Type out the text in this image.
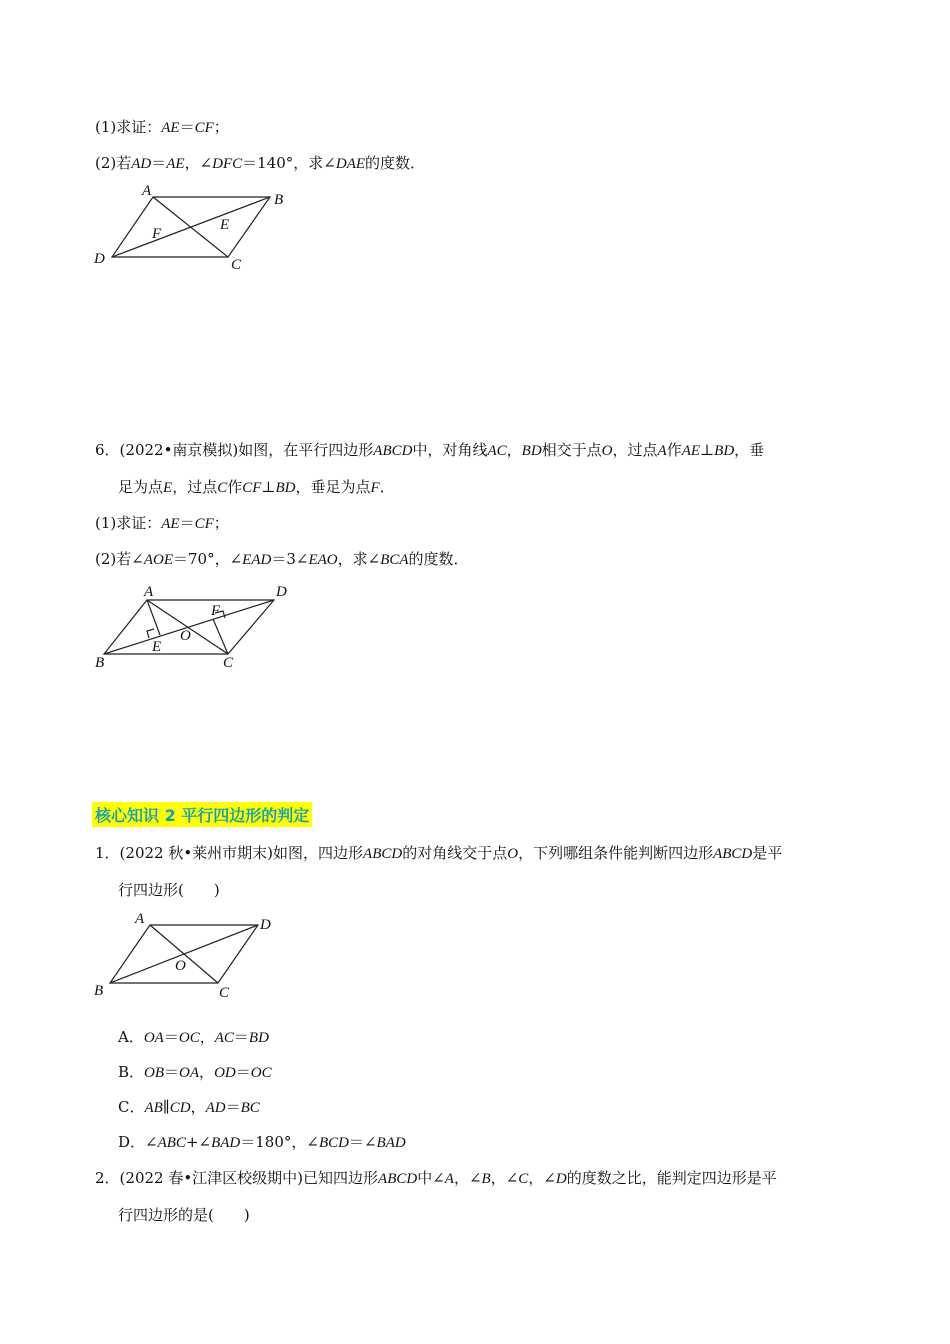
(1)求证：AE＝CF；
(2)若AD＝AE，∠DFC＝140°，求∠DAE的度数．
A
B
C
D
E
F
6．(2022•南京模拟)如图，在平行四边形ABCD中，对角线AC，BD相交于点O，过点A作AE⊥BD，垂
足为点E，过点C作CF⊥BD，垂足为点F．
(1)求证：AE＝CF；
(2)若∠AOE＝70°，∠EAD＝3∠EAO，求∠BCA的度数．
A	D
B	C
E
F
O
核心知识 2 平行四边形的判定
1．(2022 秋•莱州市期末)如图，四边形ABCD的对角线交于点O，下列哪组条件能判断四边形ABCD是平
行四边形(　　)
A	D
B	C
O
A．OA＝OC，AC＝BD
B．OB＝OA，OD＝OC
C．AB∥CD，AD＝BC
D．∠ABC+∠BAD＝180°，∠BCD＝∠BAD
2．(2022 春•江津区校级期中)已知四边形ABCD中∠A，∠B，∠C，∠D的度数之比，能判定四边形是平
行四边形的是(　　)
